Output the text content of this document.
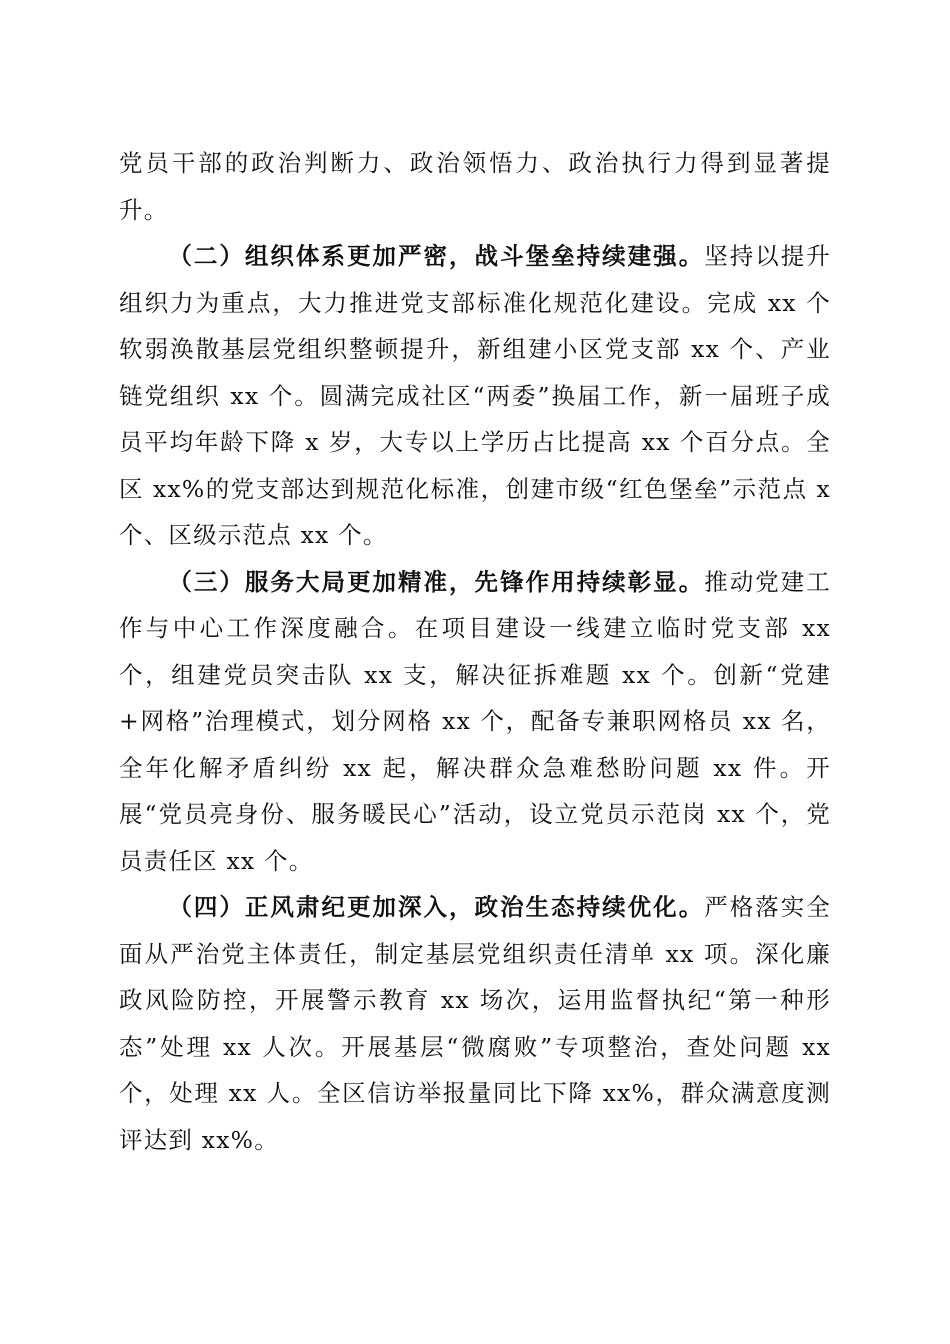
党员干部的政治判断力、政治领悟力、政治执行力得到显著提升。

（二）组织体系更加严密，战斗堡垒持续建强。坚持以提升组织力为重点，大力推进党支部标准化规范化建设。完成 xx 个软弱涣散基层党组织整顿提升，新组建小区党支部 xx 个、产业链党组织 xx 个。圆满完成社区“两委”换届工作，新一届班子成员平均年龄下降 x 岁，大专以上学历占比提高 xx 个百分点。全区 xx%的党支部达到规范化标准，创建市级“红色堡垒”示范点 x 个、区级示范点 xx 个。

（三）服务大局更加精准，先锋作用持续彰显。推动党建工作与中心工作深度融合。在项目建设一线建立临时党支部 xx 个，组建党员突击队 xx 支，解决征拆难题 xx 个。创新“党建+网格”治理模式，划分网格 xx 个，配备专兼职网格员 xx 名，全年化解矛盾纠纷 xx 起，解决群众急难愁盼问题 xx 件。开展“党员亮身份、服务暖民心”活动，设立党员示范岗 xx 个，党员责任区 xx 个。

（四）正风肃纪更加深入，政治生态持续优化。严格落实全面从严治党主体责任，制定基层党组织责任清单 xx 项。深化廉政风险防控，开展警示教育 xx 场次，运用监督执纪“第一种形态”处理 xx 人次。开展基层“微腐败”专项整治，查处问题 xx 个，处理 xx 人。全区信访举报量同比下降 xx%，群众满意度测评达到 xx%。
